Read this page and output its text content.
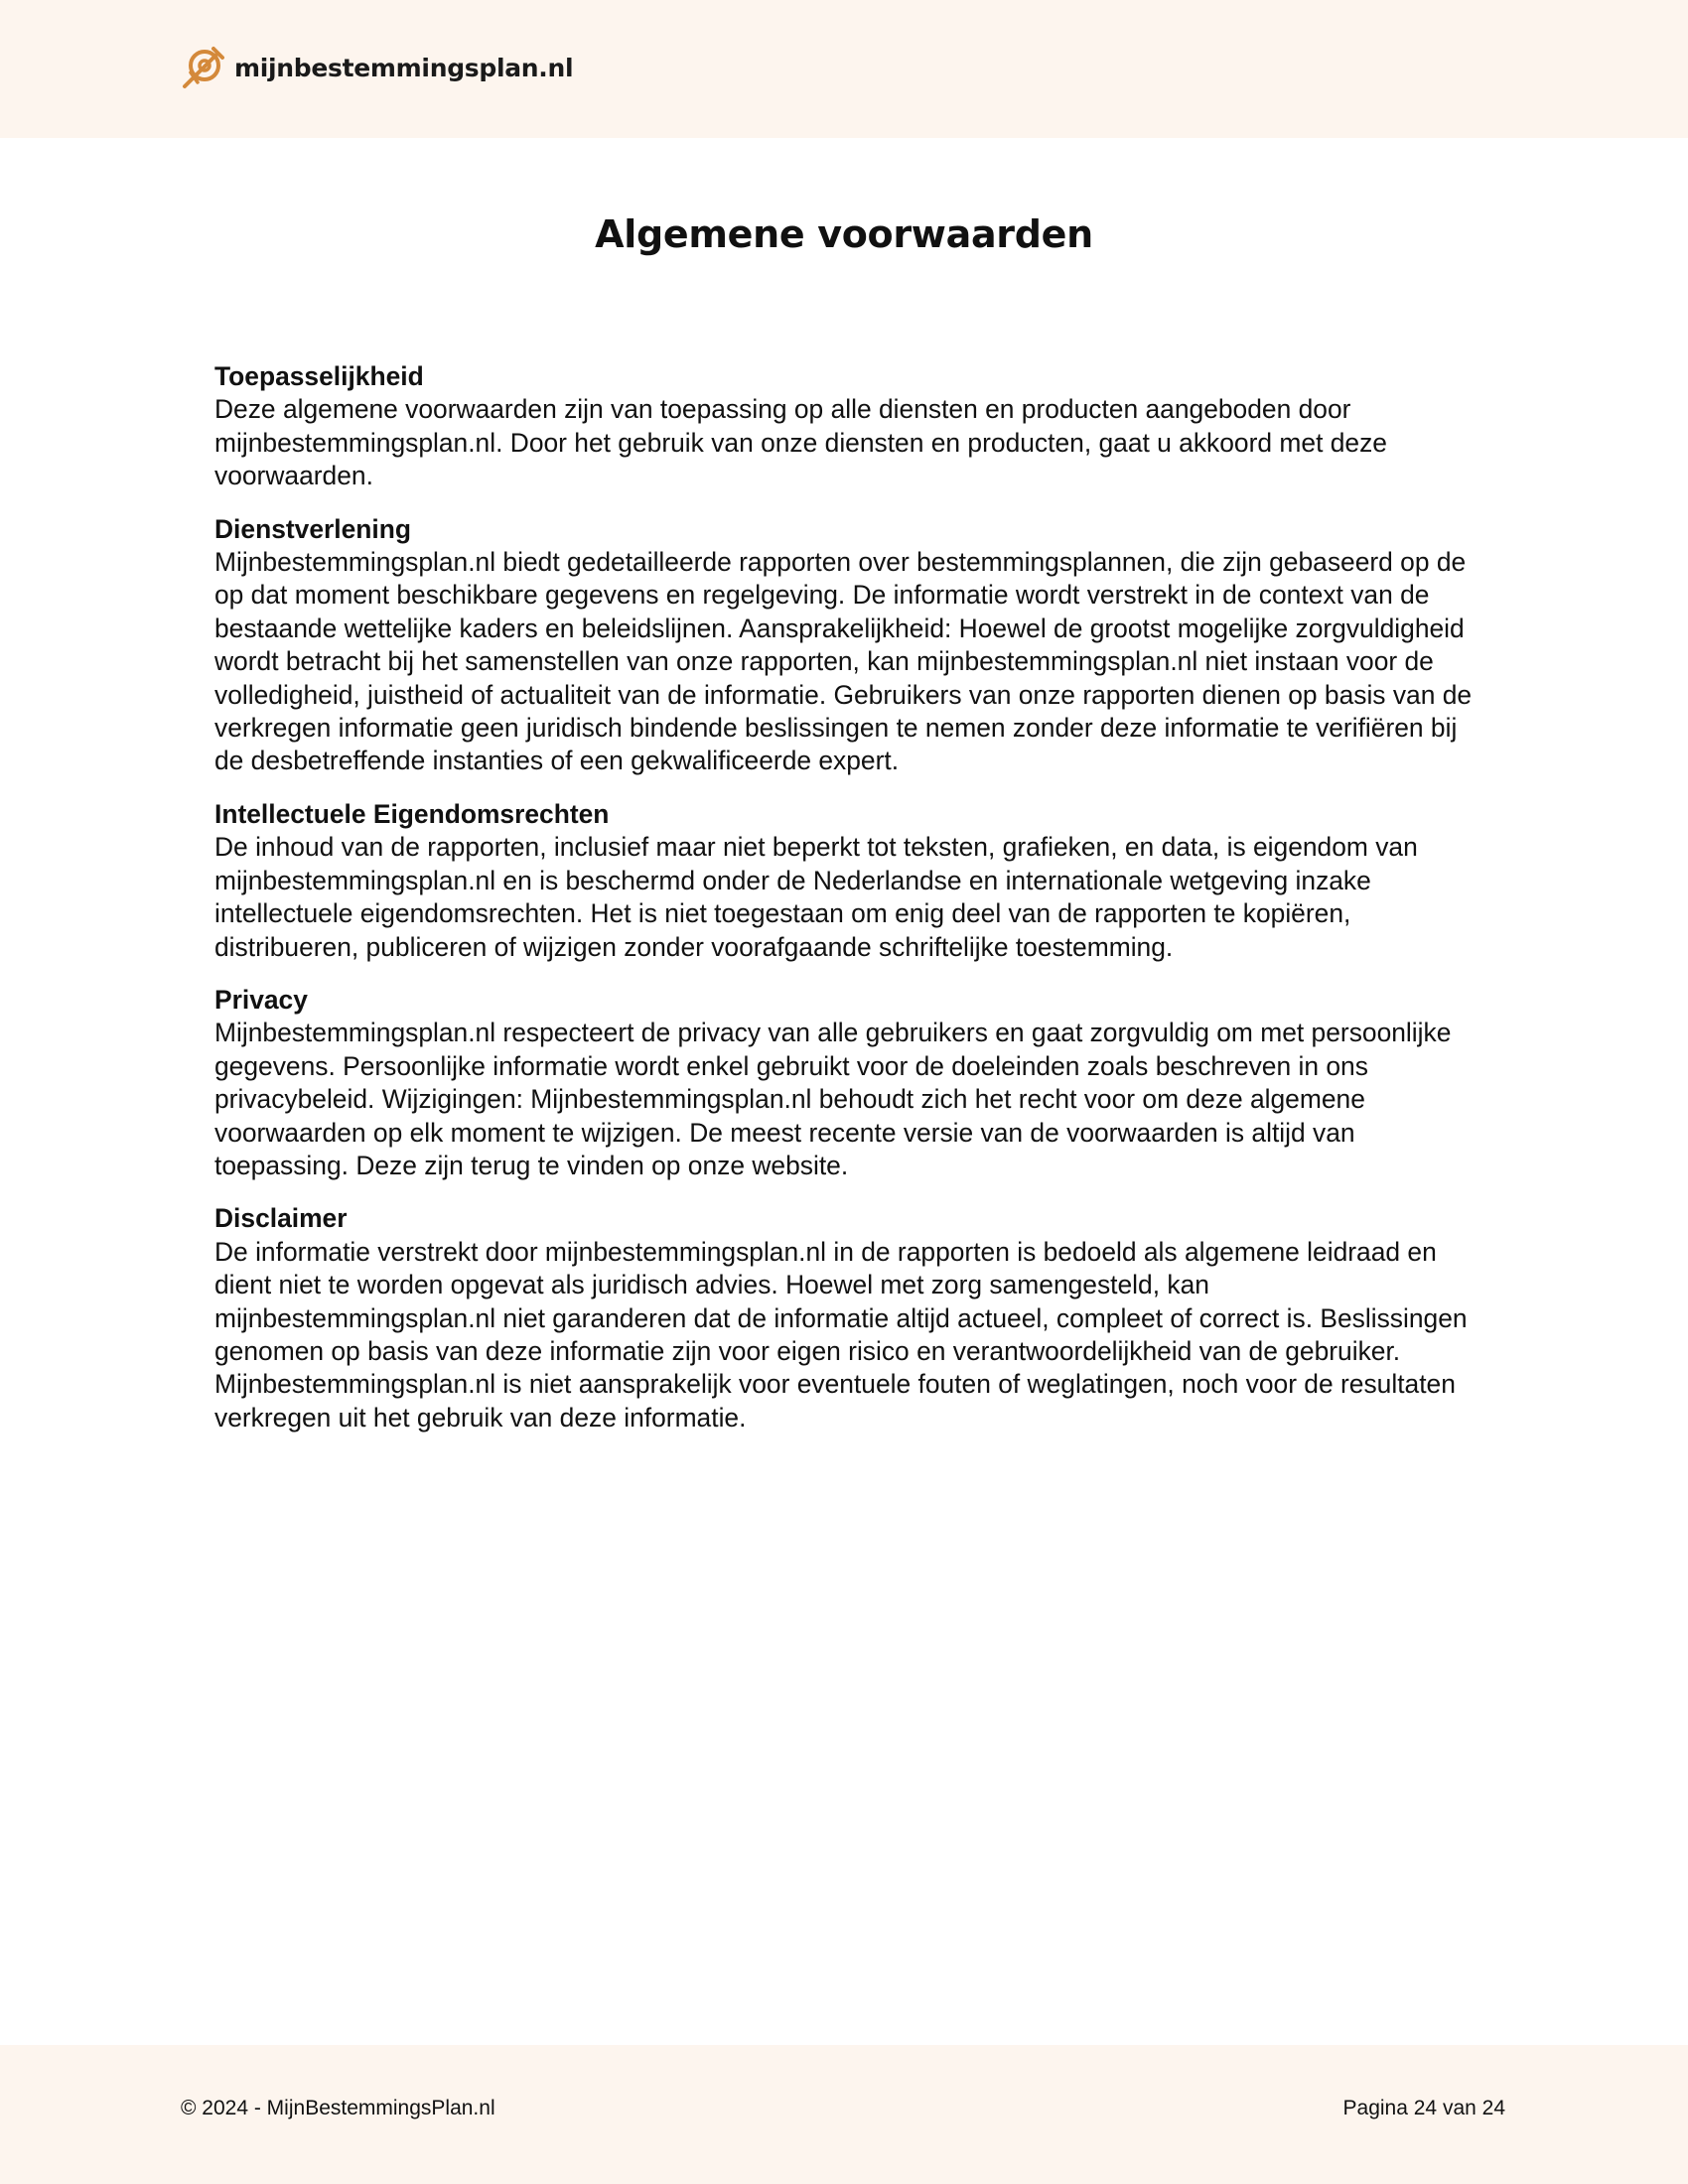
mijnbestemmingsplan.nl
Algemene voorwaarden

Toepasselijkheid

Deze algemene voorwaarden zijn van toepassing op alle diensten en producten aangeboden door mijnbestemmingsplan.nl. Door het gebruik van onze diensten en producten, gaat u akkoord met deze voorwaarden.

Dienstverlening

Mijnbestemmingsplan.nl biedt gedetailleerde rapporten over bestemmingsplannen, die zijn gebaseerd op de op dat moment beschikbare gegevens en regelgeving. De informatie wordt verstrekt in de context van de bestaande wettelijke kaders en beleidslijnen. Aansprakelijkheid: Hoewel de grootst mogelijke zorgvuldigheid wordt betracht bij het samenstellen van onze rapporten, kan mijnbestemmingsplan.nl niet instaan voor de volledigheid, juistheid of actualiteit van de informatie. Gebruikers van onze rapporten dienen op basis van de verkregen informatie geen juridisch bindende beslissingen te nemen zonder deze informatie te verifiëren bij de desbetreffende instanties of een gekwalificeerde expert.

Intellectuele Eigendomsrechten

De inhoud van de rapporten, inclusief maar niet beperkt tot teksten, grafieken, en data, is eigendom van mijnbestemmingsplan.nl en is beschermd onder de Nederlandse en internationale wetgeving inzake intellectuele eigendomsrechten. Het is niet toegestaan om enig deel van de rapporten te kopiëren, distribueren, publiceren of wijzigen zonder voorafgaande schriftelijke toestemming.

Privacy

Mijnbestemmingsplan.nl respecteert de privacy van alle gebruikers en gaat zorgvuldig om met persoonlijke gegevens. Persoonlijke informatie wordt enkel gebruikt voor de doeleinden zoals beschreven in ons privacybeleid. Wijzigingen: Mijnbestemmingsplan.nl behoudt zich het recht voor om deze algemene voorwaarden op elk moment te wijzigen. De meest recente versie van de voorwaarden is altijd van toepassing. Deze zijn terug te vinden op onze website.

Disclaimer

De informatie verstrekt door mijnbestemmingsplan.nl in de rapporten is bedoeld als algemene leidraad en dient niet te worden opgevat als juridisch advies. Hoewel met zorg samengesteld, kan mijnbestemmingsplan.nl niet garanderen dat de informatie altijd actueel, compleet of correct is. Beslissingen genomen op basis van deze informatie zijn voor eigen risico en verantwoordelijkheid van de gebruiker. Mijnbestemmingsplan.nl is niet aansprakelijk voor eventuele fouten of weglatingen, noch voor de resultaten verkregen uit het gebruik van deze informatie.

© 2024 - MijnBestemmingsPlan.nl	Pagina 24 van 24
